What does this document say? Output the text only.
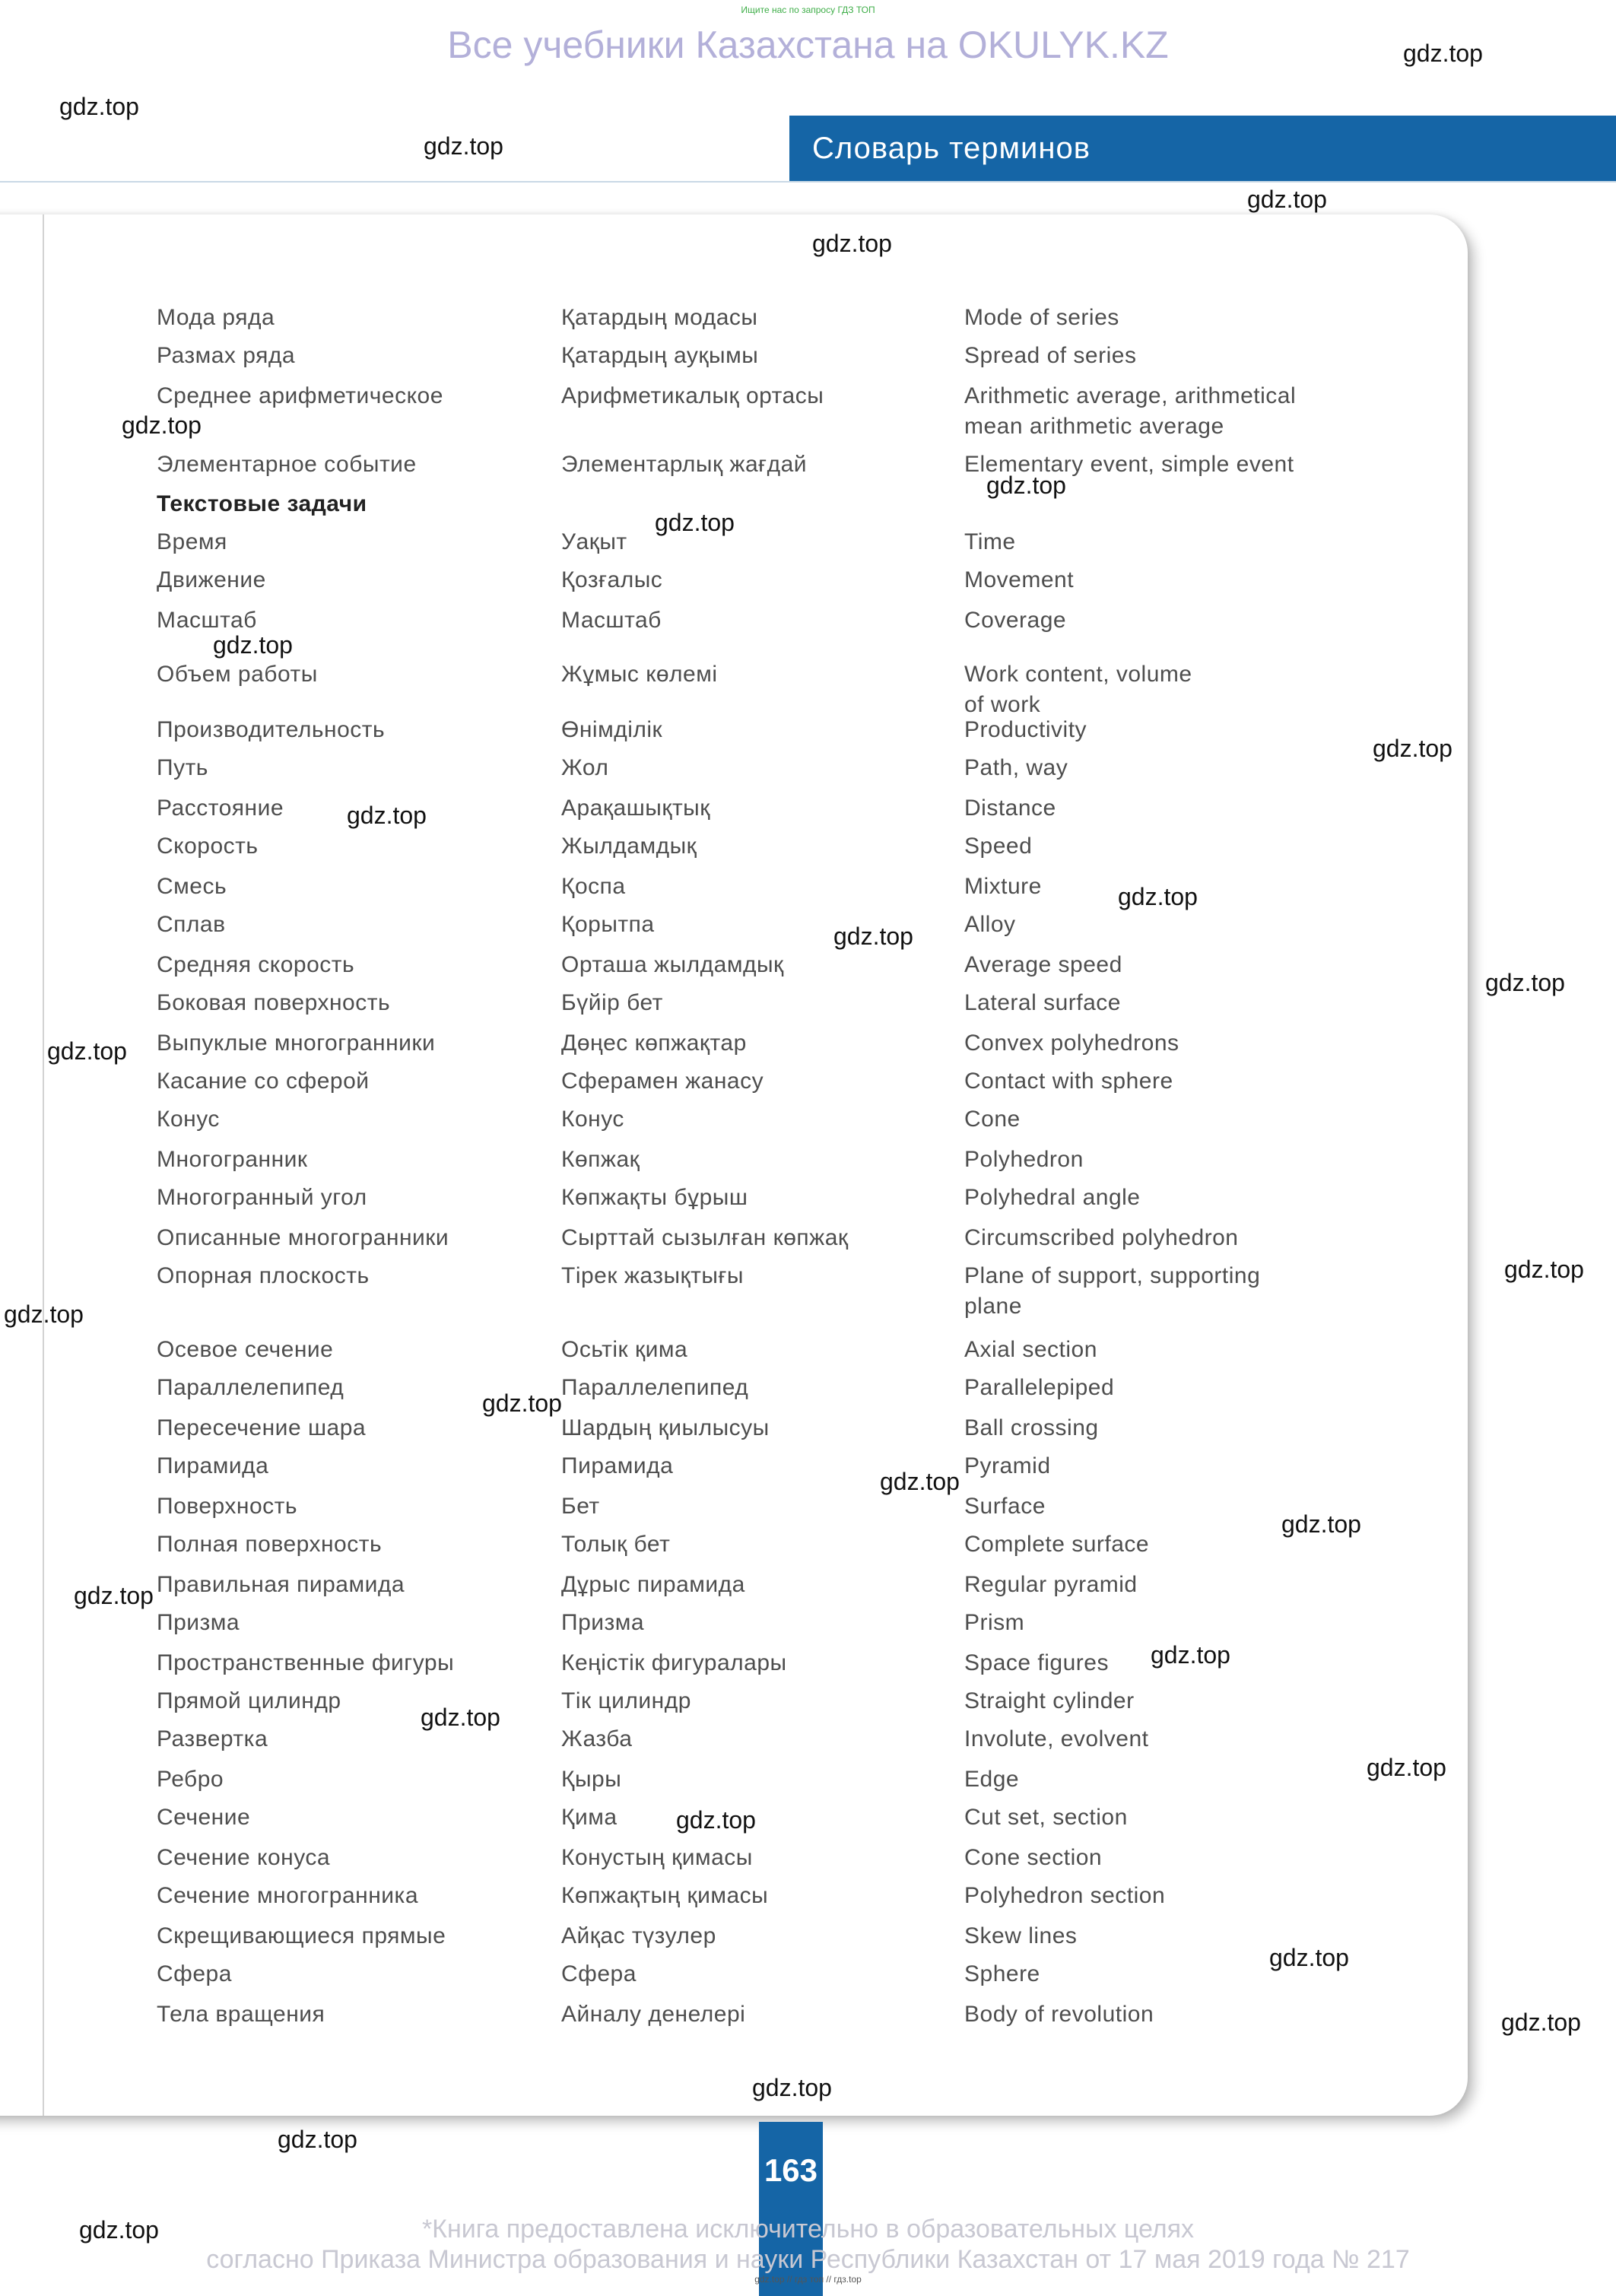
Ищите нас по запросу ГДЗ ТОП
Все учебники Казахстана на OKULYK.KZ
Словарь терминов
Мода ряда	Қатардың модасы	Mode of series
Размах ряда	Қатардың ауқымы	Spread of series
Среднее арифметическое	Арифметикалық ортасы	Arithmetic average, arithmetical
mean arithmetic average
Элементарное событие	Элементарлық жағдай	Elementary event, simple event
Текстовые задачи
Время	Уақыт	Time
Движение	Қозғалыс	Movement
Масштаб	Масштаб	Coverage
Объем работы	Жұмыс көлемі	Work content, volume
of work
Производительность	Өнімділік	Productivity
Путь	Жол	Path, way
Расстояние	Арақашықтық	Distance
Скорость	Жылдамдық	Speed
Смесь	Қоспа	Mixture
Сплав	Қорытпа	Alloy
Средняя скорость	Орташа жылдамдық	Average speed
Боковая поверхность	Бүйір бет	Lateral surface
Выпуклые многогранники	Дөңес көпжақтар	Convex polyhedrons
Касание со сферой	Сферамен жанасу	Contact with sphere
Конус	Конус	Cone
Многогранник	Көпжақ	Polyhedron
Многогранный угол	Көпжақты бұрыш	Polyhedral angle
Описанные многогранники	Сырттай сызылған көпжақ	Circumscribed polyhedron
Опорная плоскость	Тірек жазықтығы	Plane of support, supporting
plane
Осевое сечение	Осьтік қима	Axial section
Параллелепипед	Параллелепипед	Parallelepiped
Пересечение шара	Шардың қиылысуы	Ball crossing
Пирамида	Пирамида	Pyramid
Поверхность	Бет	Surface
Полная поверхность	Толық бет	Complete surface
Правильная пирамида	Дұрыс пирамида	Regular pyramid
Призма	Призма	Prism
Пространственные фигуры	Кеңістік фигуралары	Space figures
Прямой цилиндр	Тік цилиндр	Straight cylinder
Развертка	Жазба	Involute, evolvent
Ребро	Қыры	Edge
Сечение	Қима	Cut set, section
Сечение конуса	Конустың қимасы	Cone section
Сечение многогранника	Көпжақтың қимасы	Polyhedron section
Скрещивающиеся прямые	Айқас түзулер	Skew lines
Сфера	Сфера	Sphere
Тела вращения	Айналу денелері	Body of revolution
gdz.top
gdz.top
gdz.top
gdz.top
gdz.top
gdz.top
gdz.top
gdz.top
gdz.top
gdz.top
gdz.top
gdz.top
gdz.top
gdz.top
gdz.top
gdz.top
gdz.top
gdz.top
gdz.top
gdz.top
gdz.top
gdz.top
gdz.top
gdz.top
gdz.top
gdz.top
gdz.top
gdz.top
gdz.top
gdz.top
163
*Книга предоставлена исключительно в образовательных целях
согласно Приказа Министра образования и науки Республики Казахстан от 17 мая 2019 года № 217
gdz.top // гдз топ // гдз.top
